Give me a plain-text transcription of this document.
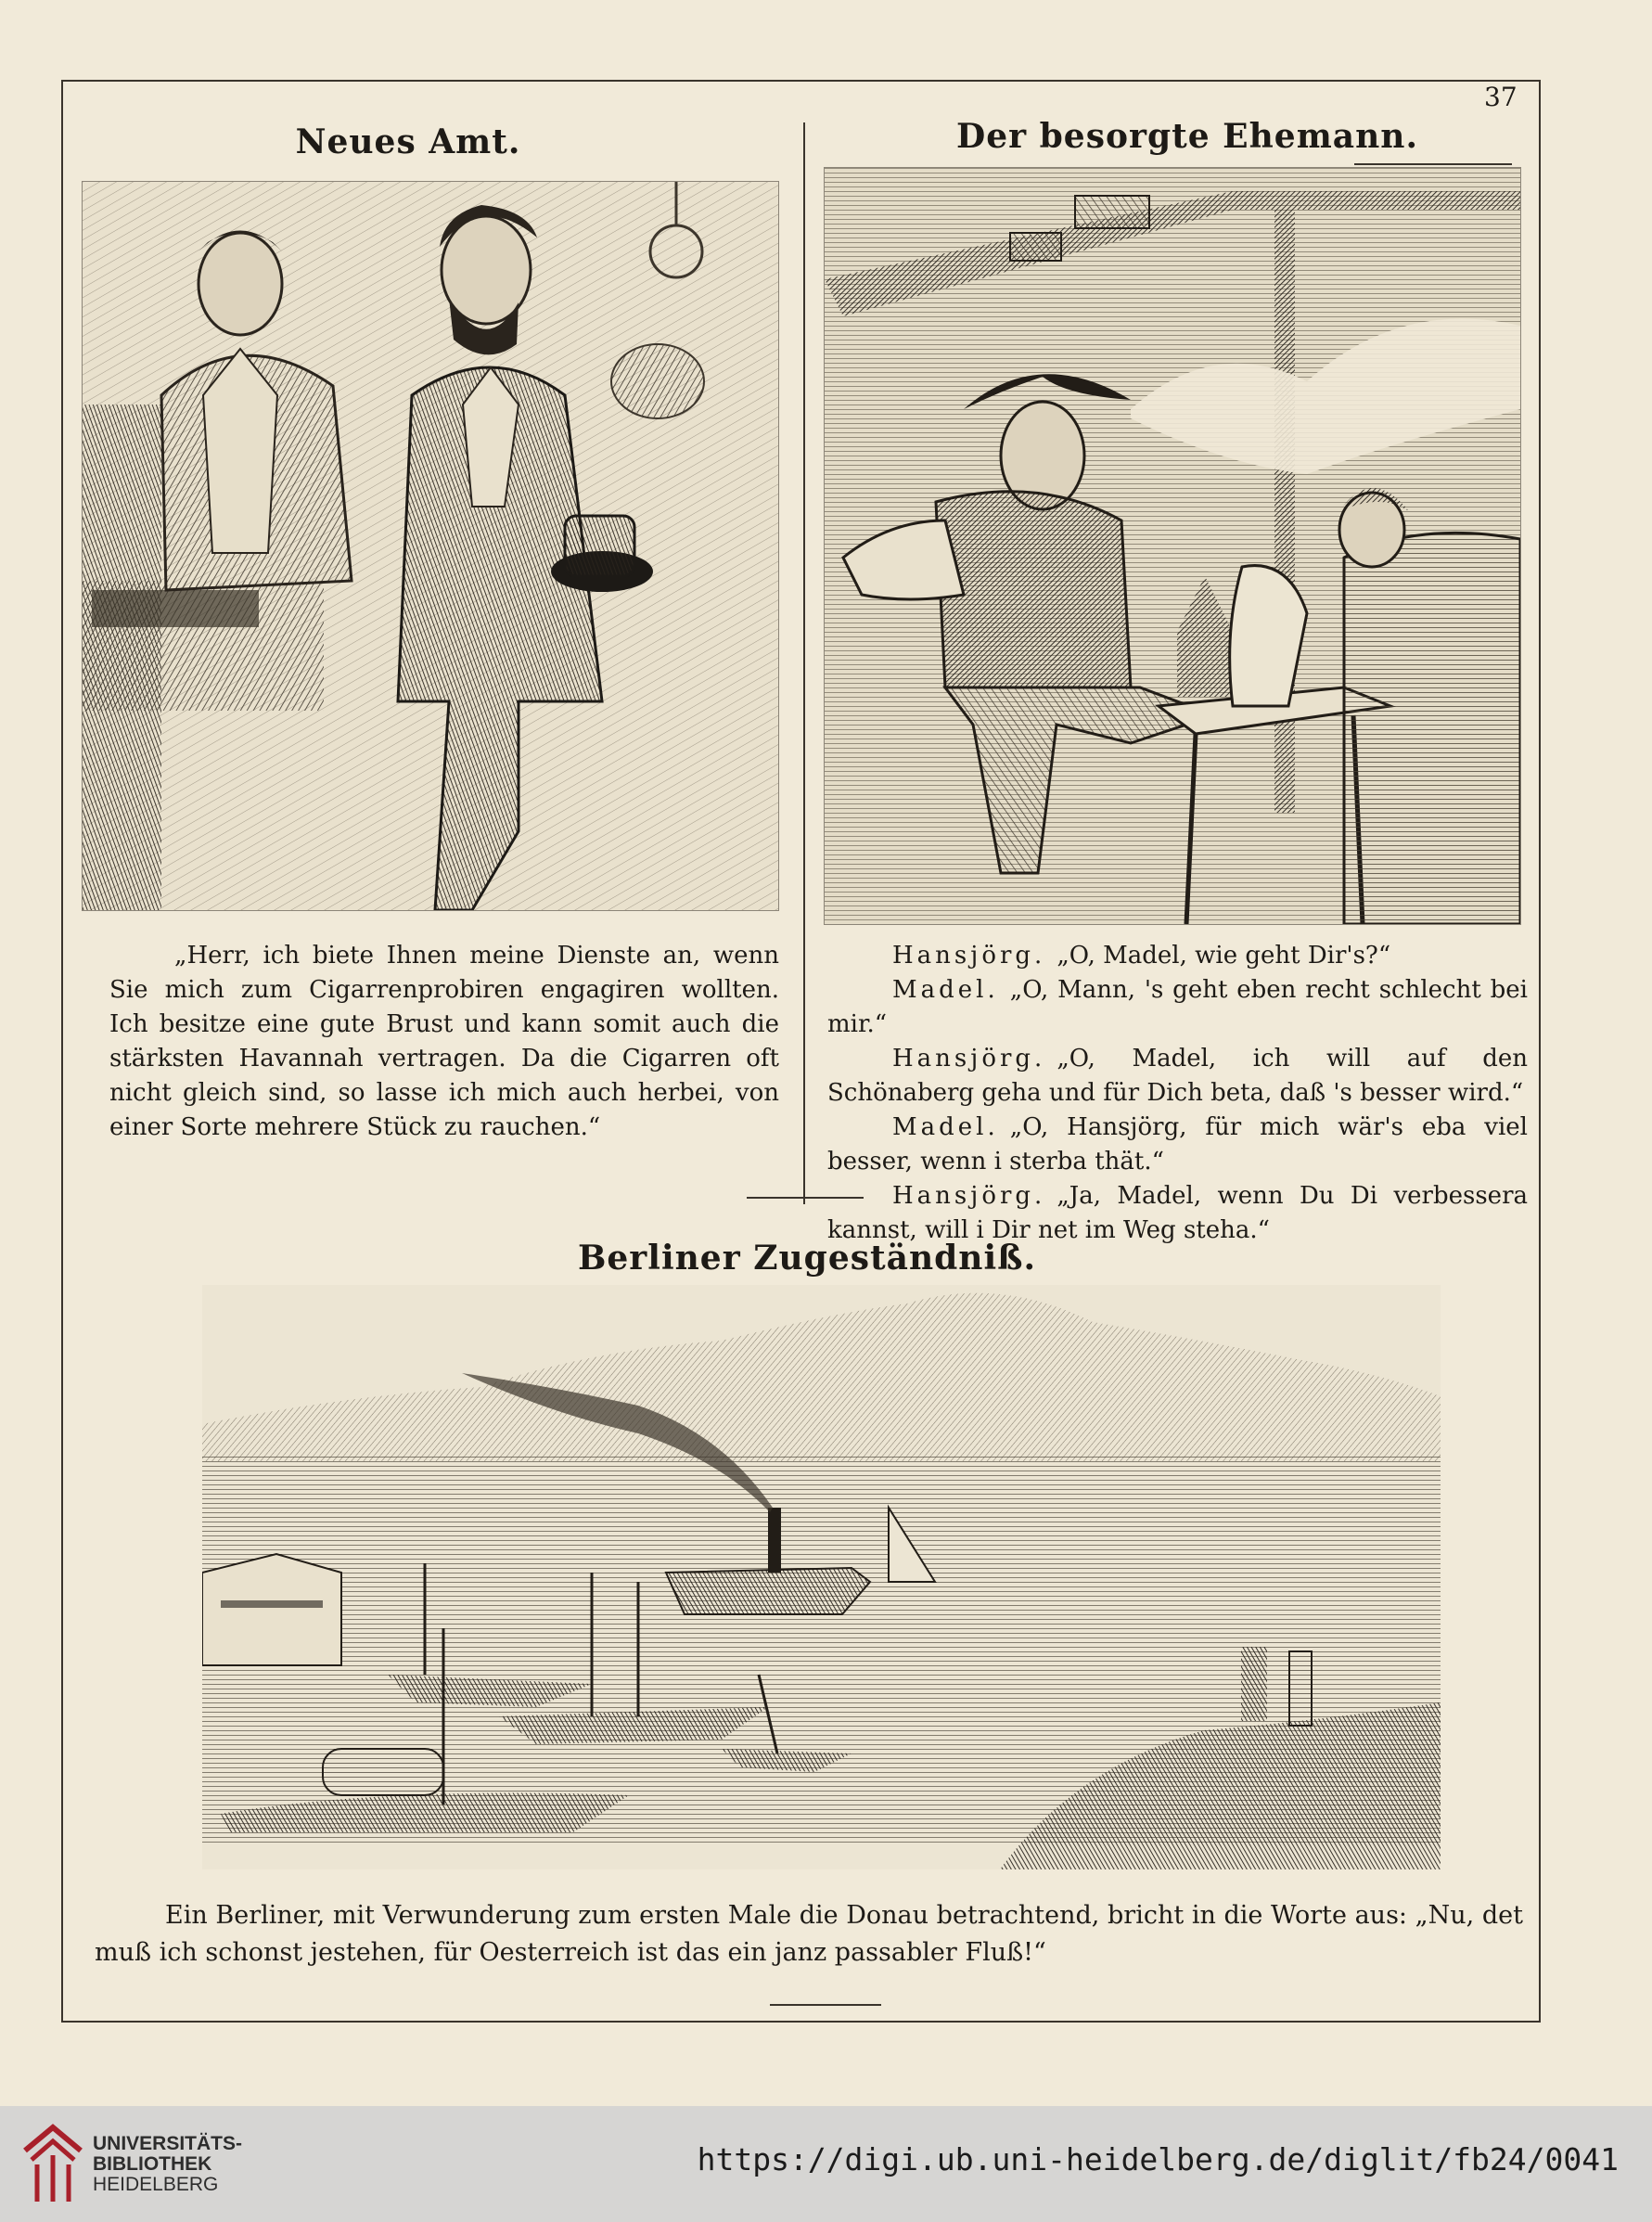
37
Neues Amt.

„Herr, ich biete Ihnen meine Dienste an, wenn Sie mich zum Cigarrenprobiren engagiren wollten. Ich besitze eine gute Brust und kann somit auch die stärksten Havannah vertragen. Da die Cigarren oft nicht gleich sind, so lasse ich mich auch herbei, von einer Sorte mehrere Stück zu rauchen.“

Der besorgte Ehemann.

Hansjörg. „O, Madel, wie geht Dir's?“

Madel. „O, Mann, 's geht eben recht schlecht bei mir.“

Hansjörg. „O, Madel, ich will auf den Schönaberg geha und für Dich beta, daß 's besser wird.“

Madel. „O, Hansjörg, für mich wär's eba viel besser, wenn i sterba thät.“

Hansjörg. „Ja, Madel, wenn Du Di verbessera kannst, will i Dir net im Weg steha.“

Berliner Zugeständniß.

Ein Berliner, mit Verwunderung zum ersten Male die Donau betrachtend, bricht in die Worte aus: „Nu, det muß ich schonst jestehen, für Oesterreich ist das ein janz passabler Fluß!“

UNIVERSITÄTS-
BIBLIOTHEK
HEIDELBERG
https://digi.ub.uni-heidelberg.de/diglit/fb24/0041
